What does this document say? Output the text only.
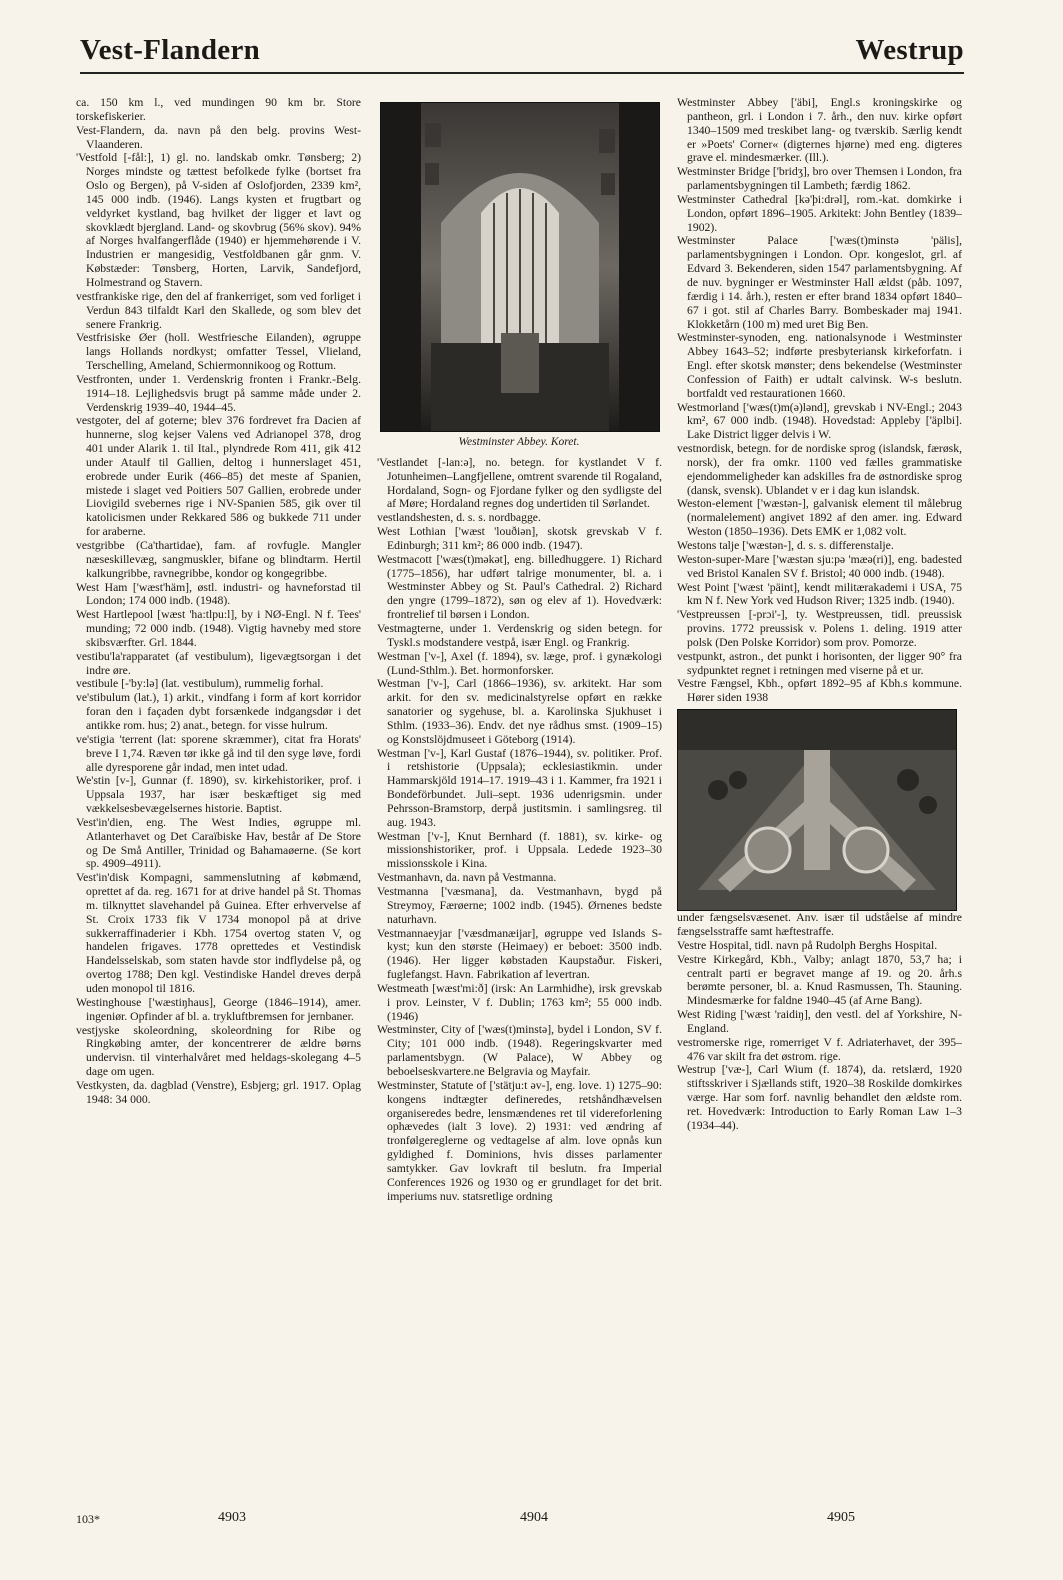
Vest-Flandern	Westrup

ca. 150 km l., ved mundingen 90 km br. Store torskefiskerier.

Vest-Flandern, da. navn på den belg. provins West-Vlaanderen.

'Vestfold [-fål:], 1) gl. no. landskab omkr. Tønsberg; 2) Norges mindste og tættest befolkede fylke (bortset fra Oslo og Bergen), på V-siden af Oslofjorden, 2339 km², 145 000 indb. (1946). Langs kysten et frugtbart og veldyrket kystland, bag hvilket der ligger et lavt og skovklædt bjergland. Land- og skovbrug (56% skov). 94% af Norges hvalfangerflåde (1940) er hjemmehørende i V. Industrien er mangesidig, Vestfoldbanen går gnm. V. Købstæder: Tønsberg, Horten, Larvik, Sandefjord, Holmestrand og Stavern.

vestfrankiske rige, den del af frankerriget, som ved forliget i Verdun 843 tilfaldt Karl den Skallede, og som blev det senere Frankrig.

Vestfrisiske Øer (holl. Westfriesche Eilanden), øgruppe langs Hollands nordkyst; omfatter Tessel, Vlieland, Terschelling, Ameland, Schiermonnikoog og Rottum.

Vestfronten, under 1. Verdenskrig fronten i Frankr.-Belg. 1914–18. Lejlighedsvis brugt på samme måde under 2. Verdenskrig 1939–40, 1944–45.

vestgoter, del af goterne; blev 376 fordrevet fra Dacien af hunnerne, slog kejser Valens ved Adrianopel 378, drog 401 under Alarik 1. til Ital., plyndrede Rom 411, gik 412 under Ataulf til Gallien, deltog i hunnerslaget 451, erobrede under Eurik (466–85) det meste af Spanien, mistede i slaget ved Poitiers 507 Gallien, erobrede under Liovigild svebernes rige i NV-Spanien 585, gik over til katolicismen under Rekkared 586 og bukkede 711 under for araberne.

vestgribbe (Ca'thartidae), fam. af rovfugle. Mangler næseskillevæg, sangmuskler, bifane og blindtarm. Hertil kalkungribbe, ravnegribbe, kondor og kongegribbe.

West Ham ['wæst'häm], østl. industri- og havneforstad til London; 174 000 indb. (1948).

West Hartlepool [wæst 'ha:tlpu:l], by i NØ-Engl. N f. Tees' munding; 72 000 indb. (1948). Vigtig havneby med store skibsværfter. Grl. 1844.

vestibu'la'rapparatet (af vestibulum), ligevægtsorgan i det indre øre.

vestibule [-'by:lə] (lat. vestibulum), rummelig forhal.

ve'stibulum (lat.), 1) arkit., vindfang i form af kort korridor foran den i façaden dybt forsænkede indgangsdør i det antikke rom. hus; 2) anat., betegn. for visse hulrum.

ve'stigia 'terrent (lat: sporene skræmmer), citat fra Horats' breve I 1,74. Ræven tør ikke gå ind til den syge løve, fordi alle dyresporene går indad, men intet udad.

We'stin [v-], Gunnar (f. 1890), sv. kirkehistoriker, prof. i Uppsala 1937, har især beskæftiget sig med vækkelsesbevægelsernes historie. Baptist.

Vest'in'dien, eng. The West Indies, øgruppe ml. Atlanterhavet og Det Caraïbiske Hav, består af De Store og De Små Antiller, Trinidad og Bahamaøerne. (Se kort sp. 4909–4911).

Vest'in'disk Kompagni, sammenslutning af købmænd, oprettet af da. reg. 1671 for at drive handel på St. Thomas m. tilknyttet slavehandel på Guinea. Efter erhvervelse af St. Croix 1733 fik V 1734 monopol på at drive sukkerraffinaderier i Kbh. 1754 overtog staten V, og handelen frigaves. 1778 oprettedes et Vestindisk Handelsselskab, som staten havde stor indflydelse på, og overtog 1788; Den kgl. Vestindiske Handel dreves derpå uden monopol til 1816.

Westinghouse ['wæstiŋhaus], George (1846–1914), amer. ingeniør. Opfinder af bl. a. trykluftbremsen for jernbaner.

vestjyske skoleordning, skoleordning for Ribe og Ringkøbing amter, der koncentrerer de ældre børns undervisn. til vinterhalvåret med heldags-skolegang 4–5 dage om ugen.

Vestkysten, da. dagblad (Venstre), Esbjerg; grl. 1917. Oplag 1948: 34 000.

Westminster Abbey. Koret.

'Vestlandet [-lan:ə], no. betegn. for kystlandet V f. Jotunheimen–Langfjellene, omtrent svarende til Rogaland, Hordaland, Sogn- og Fjordane fylker og den sydligste del af Møre; Hordaland regnes dog undertiden til Sørlandet.

vestlandshesten, d. s. s. nordbagge.

West Lothian ['wæst 'louðiən], skotsk grevskab V f. Edinburgh; 311 km²; 86 000 indb. (1947).

Westmacott ['wæs(t)məkət], eng. billedhuggere. 1) Richard (1775–1856), har udført talrige monumenter, bl. a. i Westminster Abbey og St. Paul's Cathedral. 2) Richard den yngre (1799–1872), søn og elev af 1). Hovedværk: frontrelief til børsen i London.

Vestmagterne, under 1. Verdenskrig og siden betegn. for Tyskl.s modstandere vestpå, især Engl. og Frankrig.

Westman ['v-], Axel (f. 1894), sv. læge, prof. i gynækologi (Lund-Sthlm.). Bet. hormonforsker.

Westman ['v-], Carl (1866–1936), sv. arkitekt. Har som arkit. for den sv. medicinalstyrelse opført en række sanatorier og sygehuse, bl. a. Karolinska Sjukhuset i Sthlm. (1933–36). Endv. det nye rådhus smst. (1909–15) og Konstslöjdmuseet i Göteborg (1914).

Westman ['v-], Karl Gustaf (1876–1944), sv. politiker. Prof. i retshistorie (Uppsala); ecklesiastikmin. under Hammarskjöld 1914–17. 1919–43 i 1. Kammer, fra 1921 i Bondeförbundet. Juli–sept. 1936 udenrigsmin. under Pehrsson-Bramstorp, derpå justitsmin. i samlingsreg. til aug. 1943.

Westman ['v-], Knut Bernhard (f. 1881), sv. kirke- og missionshistoriker, prof. i Uppsala. Ledede 1923–30 missionsskole i Kina.

Vestmanhavn, da. navn på Vestmanna.

Vestmanna ['væsmana], da. Vestmanhavn, bygd på Streymoy, Færøerne; 1002 indb. (1945). Ørnenes bedste naturhavn.

Vestmannaeyjar ['væsdmanæijar], øgruppe ved Islands S-kyst; kun den største (Heimaey) er beboet: 3500 indb. (1946). Her ligger købstaden Kaupstaður. Fiskeri, fuglefangst. Havn. Fabrikation af levertran.

Westmeath [wæst'mi:ð] (irsk: An Larmhidhe), irsk grevskab i prov. Leinster, V f. Dublin; 1763 km²; 55 000 indb. (1946)

Westminster, City of ['wæs(t)minstə], bydel i London, SV f. City; 101 000 indb. (1948). Regeringskvarter med parlamentsbygn. (W Palace), W Abbey og beboelseskvartere.ne Belgravia og Mayfair.

Westminster, Statute of ['stätju:t əv-], eng. love. 1) 1275–90: kongens indtægter defineredes, retshåndhævelsen organiseredes bedre, lensmændenes ret til videreforlening ophævedes (ialt 3 love). 2) 1931: ved ændring af tronfølgereglerne og vedtagelse af alm. love opnås kun gyldighed f. Dominions, hvis disses parlamenter samtykker. Gav lovkraft til beslutn. fra Imperial Conferences 1926 og 1930 og er grundlaget for det brit. imperiums nuv. statsretlige ordning

Westminster Abbey ['äbi], Engl.s kroningskirke og pantheon, grl. i London i 7. årh., den nuv. kirke opført 1340–1509 med treskibet lang- og tværskib. Særlig kendt er »Poets' Corner« (digternes hjørne) med eng. digteres grave el. mindesmærker. (Ill.).

Westminster Bridge ['bridʒ], bro over Themsen i London, fra parlamentsbygningen til Lambeth; færdig 1862.

Westminster Cathedral [kə'þi:drəl], rom.-kat. domkirke i London, opført 1896–1905. Arkitekt: John Bentley (1839–1902).

Westminster Palace ['wæs(t)minstə 'pälis], parlamentsbygningen i London. Opr. kongeslot, grl. af Edvard 3. Bekenderen, siden 1547 parlamentsbygning. Af de nuv. bygninger er Westminster Hall ældst (påb. 1097, færdig i 14. årh.), resten er efter brand 1834 opført 1840–67 i got. stil af Charles Barry. Bombeskader maj 1941. Klokketårn (100 m) med uret Big Ben.

Westminster-synoden, eng. nationalsynode i Westminster Abbey 1643–52; indførte presbyteriansk kirkeforfatn. i Engl. efter skotsk mønster; dens bekendelse (Westminster Confession of Faith) er udtalt calvinsk. W-s beslutn. bortfaldt ved restaurationen 1660.

Westmorland ['wæs(t)m(ə)lənd], grevskab i NV-Engl.; 2043 km², 67 000 indb. (1948). Hovedstad: Appleby ['äplbi]. Lake District ligger delvis i W.

vestnordisk, betegn. for de nordiske sprog (islandsk, færøsk, norsk), der fra omkr. 1100 ved fælles grammatiske ejendommeligheder kan adskilles fra de østnordiske sprog (dansk, svensk). Ublandet v er i dag kun islandsk.

Weston-element ['wæstən-], galvanisk element til målebrug (normalelement) angivet 1892 af den amer. ing. Edward Weston (1850–1936). Dets EMK er 1,082 volt.

Westons talje ['wæstən-], d. s. s. differenstalje.

Weston-super-Mare ['wæstən sju:pə 'mæə(ri)], eng. badested ved Bristol Kanalen SV f. Bristol; 40 000 indb. (1948).

West Point ['wæst 'päint], kendt militærakademi i USA, 75 km N f. New York ved Hudson River; 1325 indb. (1940).

'Vestpreussen [-prɔi'-], ty. Westpreussen, tidl. preussisk provins. 1772 preussisk v. Polens 1. deling. 1919 atter polsk (Den Polske Korridor) som prov. Pomorze.

vestpunkt, astron., det punkt i horisonten, der ligger 90° fra sydpunktet regnet i retningen med viserne på et ur.

Vestre Fængsel, Kbh., opført 1892–95 af Kbh.s kommune. Hører siden 1938

under fængselsvæsenet. Anv. især til udståelse af mindre fængselsstraffe samt hæftestraffe.

Vestre Hospital, tidl. navn på Rudolph Berghs Hospital.

Vestre Kirkegård, Kbh., Valby; anlagt 1870, 53,7 ha; i centralt parti er begravet mange af 19. og 20. årh.s berømte personer, bl. a. Knud Rasmussen, Th. Stauning. Mindesmærke for faldne 1940–45 (af Arne Bang).

West Riding ['wæst 'raidiŋ], den vestl. del af Yorkshire, N-England.

vestromerske rige, romerriget V f. Adriaterhavet, der 395–476 var skilt fra det østrom. rige.

Westrup ['væ-], Carl Wium (f. 1874), da. retslærd, 1920 stiftsskriver i Sjællands stift, 1920–38 Roskilde domkirkes værge. Har som forf. navnlig behandlet den ældste rom. ret. Hovedværk: Introduction to Early Roman Law 1–3 (1934–44).

103*	4903	4904	4905
